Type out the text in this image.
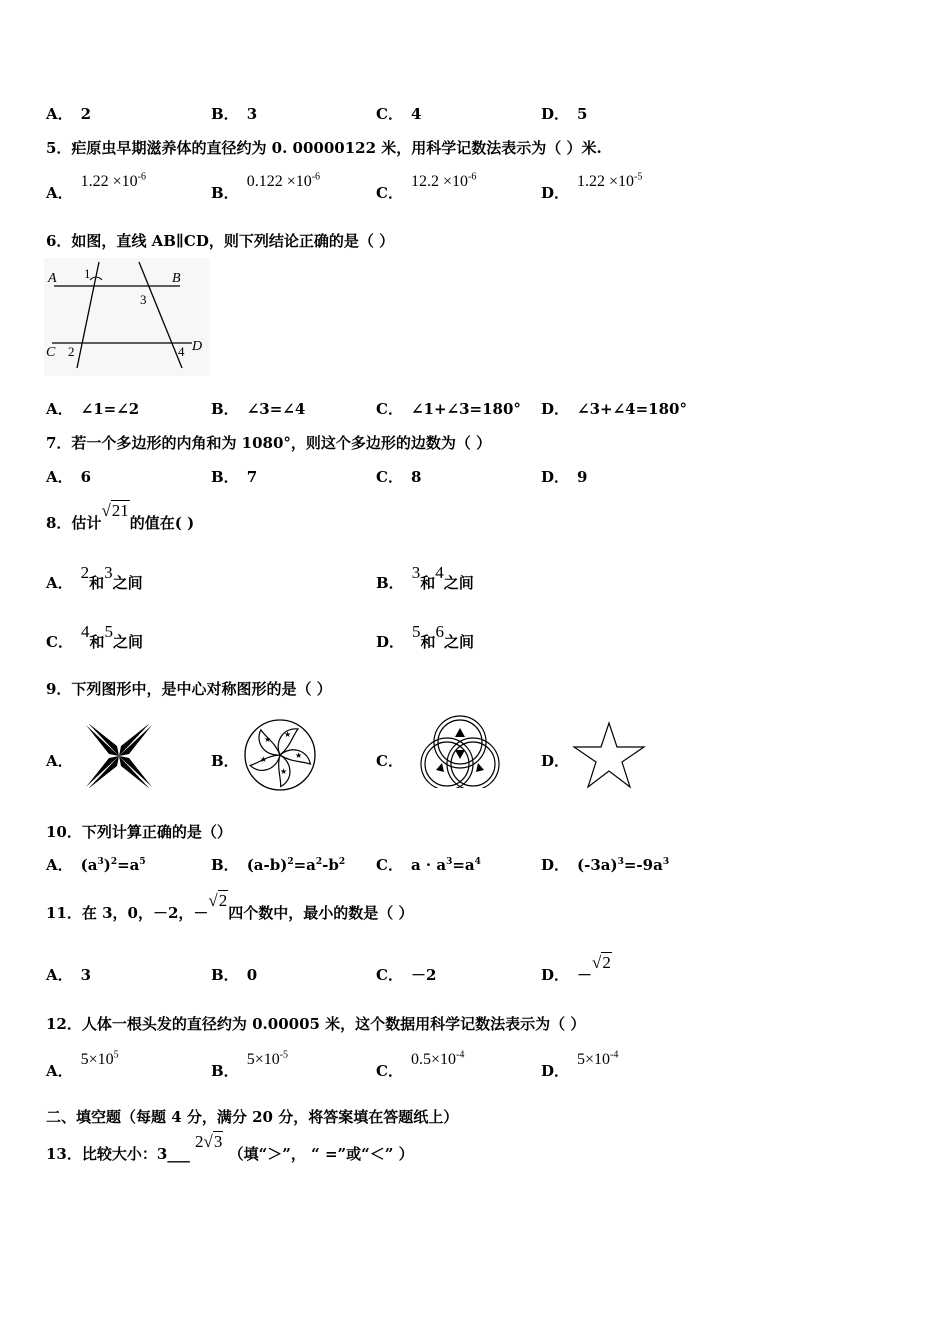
A． 2	B． 3	C． 4	D． 5
5．疟原虫早期滋养体的直径约为 0. 00000122 米，用科学记数法表示为（ ）米.
A．$1.22 \times 10^{-6}$
B．$0.122 \times 10^{-6}$
C．$12.2 \times 10^{-6}$
D．$1.22 \times 10^{-5}$
6．如图，直线 AB∥CD，则下列结论正确的是（ ）
A	B
C	D
1
2
3
4
A． ∠1=∠2	B． ∠3=∠4	C． ∠1+∠3=180° D． ∠3+∠4=180°
7．若一个多边形的内角和为 1080°，则这个多边形的边数为（ ）
A． 6	B． 7	C． 8	D． 9
8．估计√21的值在( )
A．2和3之间	B．3和4之间
C．4和5之间	D．5和6之间
9．下列图形中，是中心对称图形的是（ ）
A．	B．
★
★
★
★
★
C．	D．
10．下列计算正确的是（）
A． $(a^3)^2=a^5$	B． $(a-b)^2=a^2-b^2$ C． $a \cdot a^3=a^4$	D． $(-3a)^3=-9a^3$
11．在 3，0，－2，－√2四个数中，最小的数是（ ）
A． 3	B． 0	C． －2	D． －√2
12．人体一根头发的直径约为 0.00005 米，这个数据用科学记数法表示为（ ）
A．$5\times 10^5$
B．$5\times 10^{-5}$
C．$0.5\times 10^{-4}$
D．$5\times 10^{-4}$
二、填空题（每题 4 分，满分 20 分，将答案填在答题纸上）
13．比较大小：3___ 2√3 （填“＞”， “ =”或“＜” ）
